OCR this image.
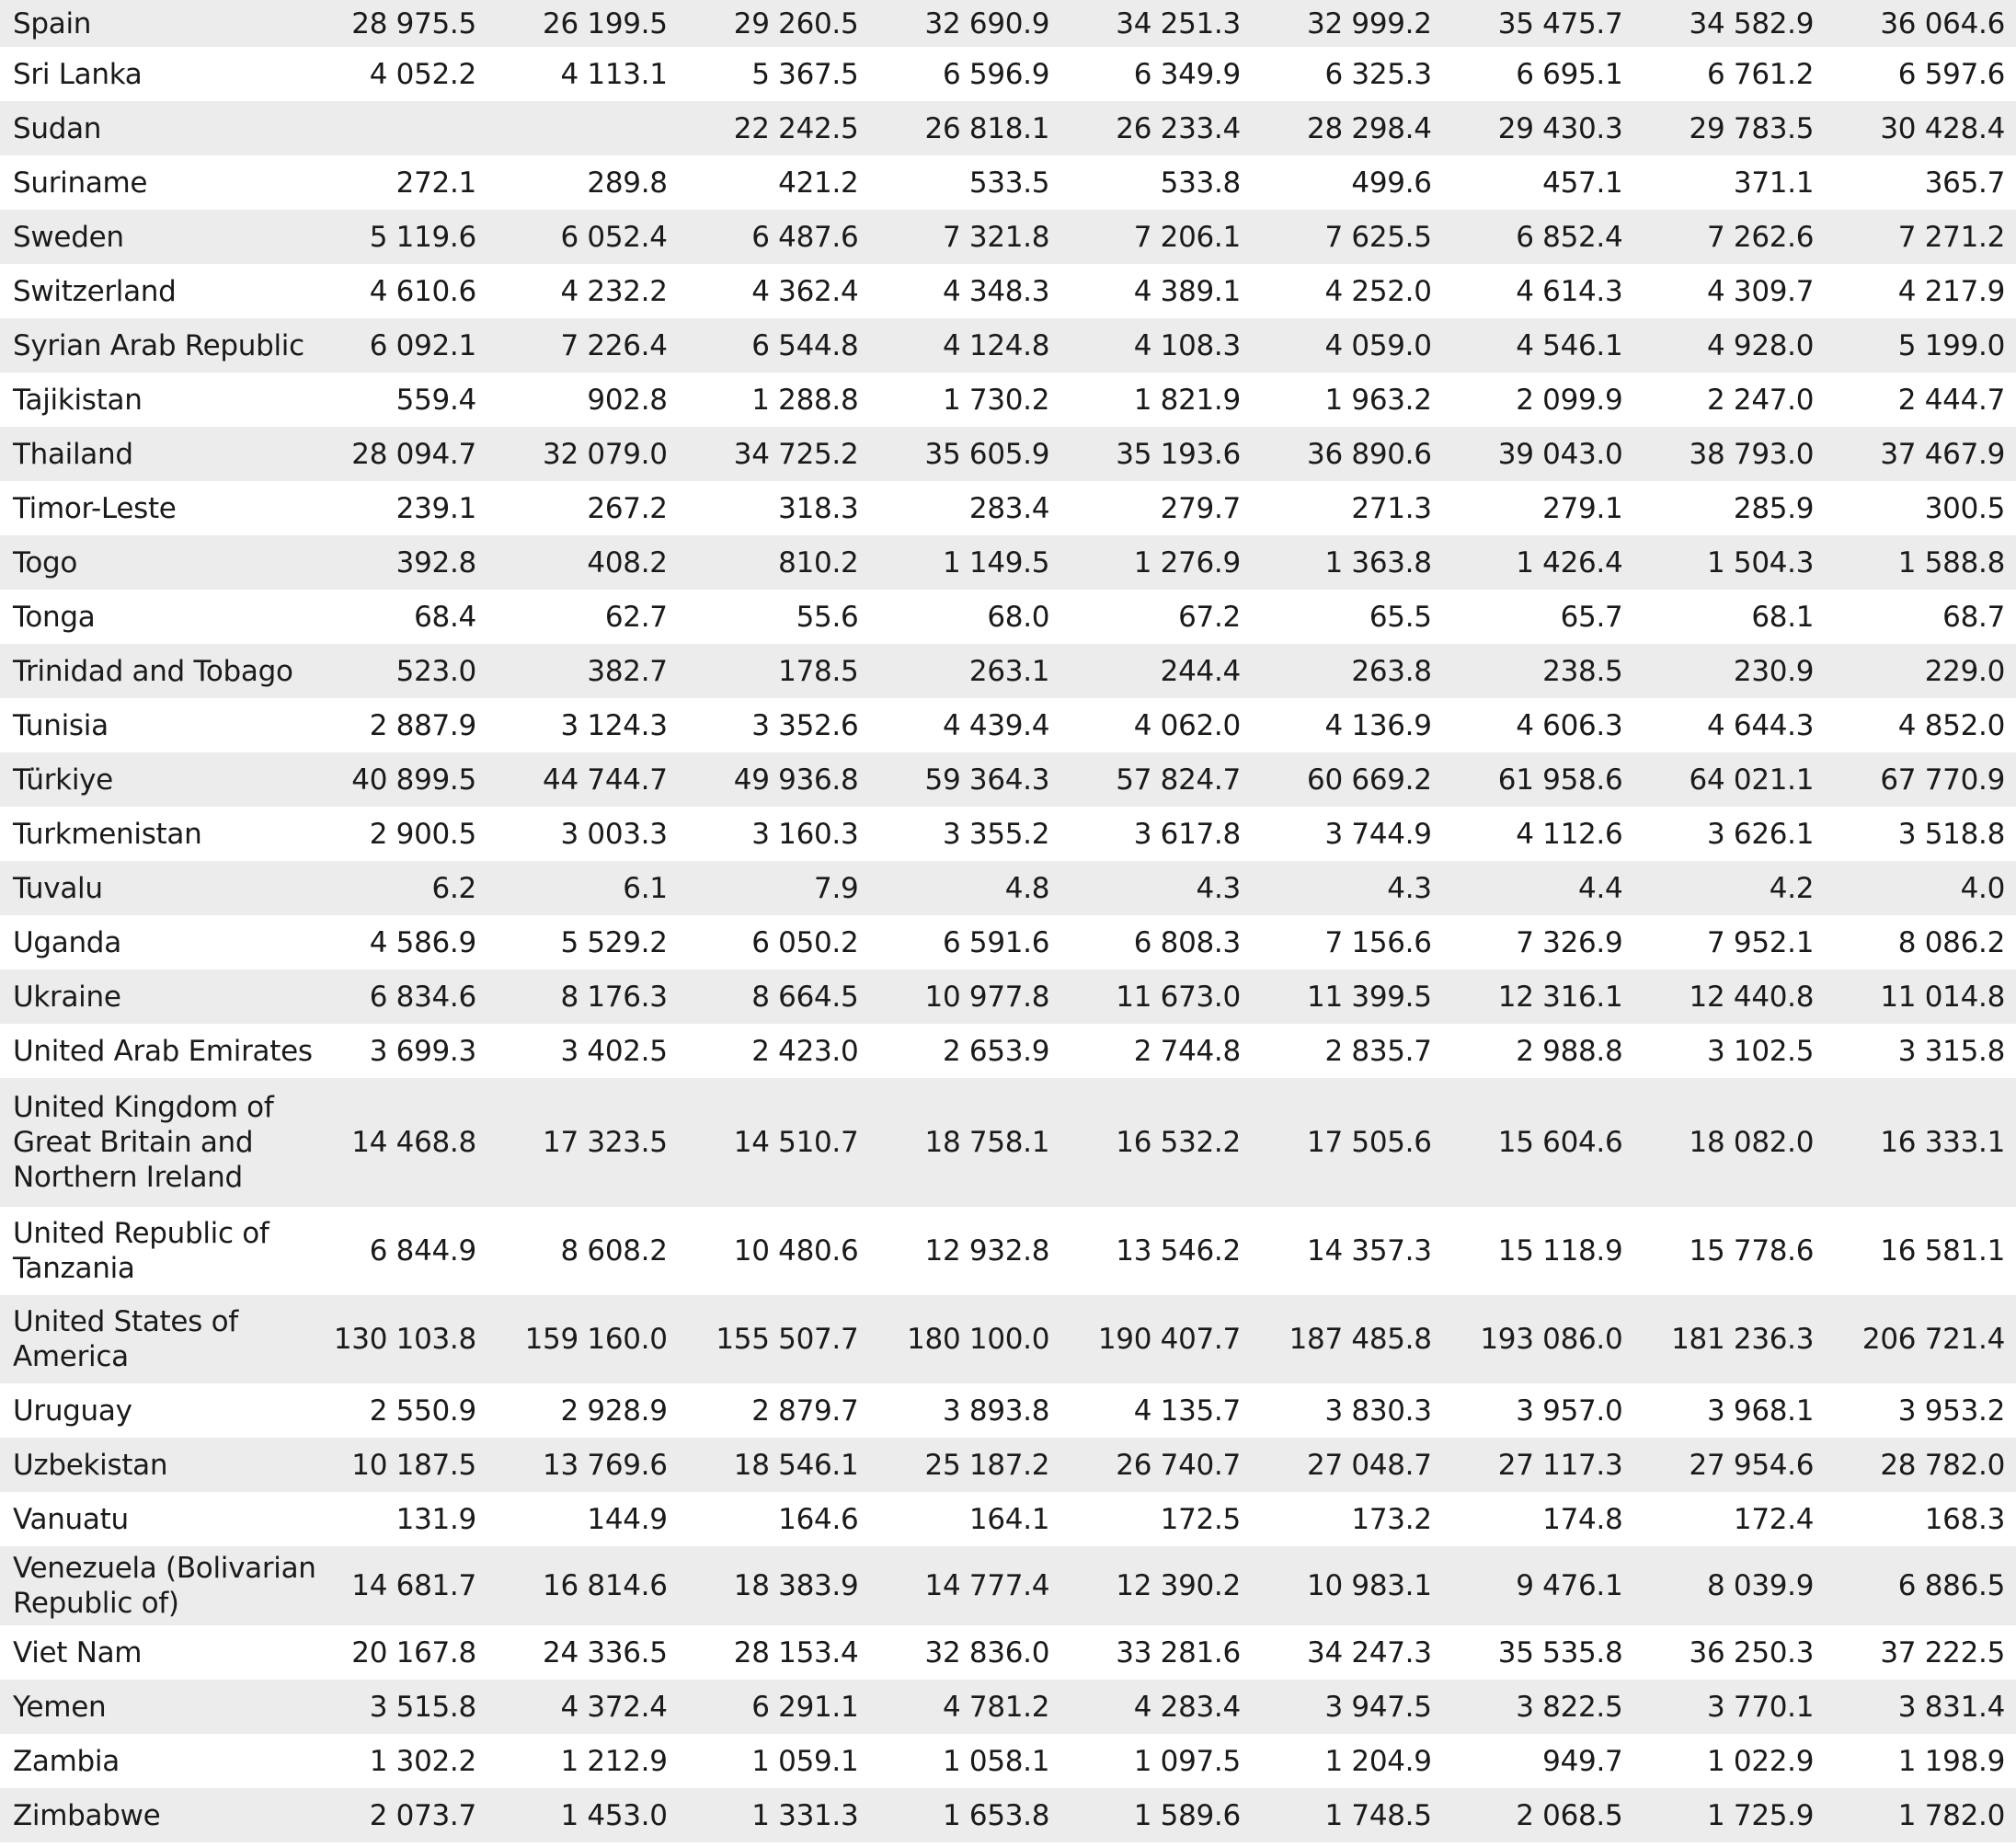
Spain	28 975.5	26 199.5	29 260.5	32 690.9	34 251.3	32 999.2	35 475.7	34 582.9	36 064.6
Sri Lanka	4 052.2	4 113.1	5 367.5	6 596.9	6 349.9	6 325.3	6 695.1	6 761.2	6 597.6
Sudan			22 242.5	26 818.1	26 233.4	28 298.4	29 430.3	29 783.5	30 428.4
Suriname	272.1	289.8	421.2	533.5	533.8	499.6	457.1	371.1	365.7
Sweden	5 119.6	6 052.4	6 487.6	7 321.8	7 206.1	7 625.5	6 852.4	7 262.6	7 271.2
Switzerland	4 610.6	4 232.2	4 362.4	4 348.3	4 389.1	4 252.0	4 614.3	4 309.7	4 217.9
Syrian Arab Republic	6 092.1	7 226.4	6 544.8	4 124.8	4 108.3	4 059.0	4 546.1	4 928.0	5 199.0
Tajikistan	559.4	902.8	1 288.8	1 730.2	1 821.9	1 963.2	2 099.9	2 247.0	2 444.7
Thailand	28 094.7	32 079.0	34 725.2	35 605.9	35 193.6	36 890.6	39 043.0	38 793.0	37 467.9
Timor-Leste	239.1	267.2	318.3	283.4	279.7	271.3	279.1	285.9	300.5
Togo	392.8	408.2	810.2	1 149.5	1 276.9	1 363.8	1 426.4	1 504.3	1 588.8
Tonga	68.4	62.7	55.6	68.0	67.2	65.5	65.7	68.1	68.7
Trinidad and Tobago	523.0	382.7	178.5	263.1	244.4	263.8	238.5	230.9	229.0
Tunisia	2 887.9	3 124.3	3 352.6	4 439.4	4 062.0	4 136.9	4 606.3	4 644.3	4 852.0
Türkiye	40 899.5	44 744.7	49 936.8	59 364.3	57 824.7	60 669.2	61 958.6	64 021.1	67 770.9
Turkmenistan	2 900.5	3 003.3	3 160.3	3 355.2	3 617.8	3 744.9	4 112.6	3 626.1	3 518.8
Tuvalu	6.2	6.1	7.9	4.8	4.3	4.3	4.4	4.2	4.0
Uganda	4 586.9	5 529.2	6 050.2	6 591.6	6 808.3	7 156.6	7 326.9	7 952.1	8 086.2
Ukraine	6 834.6	8 176.3	8 664.5	10 977.8	11 673.0	11 399.5	12 316.1	12 440.8	11 014.8
United Arab Emirates	3 699.3	3 402.5	2 423.0	2 653.9	2 744.8	2 835.7	2 988.8	3 102.5	3 315.8
United Kingdom of Great Britain and Northern Ireland	14 468.8	17 323.5	14 510.7	18 758.1	16 532.2	17 505.6	15 604.6	18 082.0	16 333.1
United Republic of Tanzania	6 844.9	8 608.2	10 480.6	12 932.8	13 546.2	14 357.3	15 118.9	15 778.6	16 581.1
United States of America	130 103.8	159 160.0	155 507.7	180 100.0	190 407.7	187 485.8	193 086.0	181 236.3	206 721.4
Uruguay	2 550.9	2 928.9	2 879.7	3 893.8	4 135.7	3 830.3	3 957.0	3 968.1	3 953.2
Uzbekistan	10 187.5	13 769.6	18 546.1	25 187.2	26 740.7	27 048.7	27 117.3	27 954.6	28 782.0
Vanuatu	131.9	144.9	164.6	164.1	172.5	173.2	174.8	172.4	168.3
Venezuela (Bolivarian Republic of)	14 681.7	16 814.6	18 383.9	14 777.4	12 390.2	10 983.1	9 476.1	8 039.9	6 886.5
Viet Nam	20 167.8	24 336.5	28 153.4	32 836.0	33 281.6	34 247.3	35 535.8	36 250.3	37 222.5
Yemen	3 515.8	4 372.4	6 291.1	4 781.2	4 283.4	3 947.5	3 822.5	3 770.1	3 831.4
Zambia	1 302.2	1 212.9	1 059.1	1 058.1	1 097.5	1 204.9	949.7	1 022.9	1 198.9
Zimbabwe	2 073.7	1 453.0	1 331.3	1 653.8	1 589.6	1 748.5	2 068.5	1 725.9	1 782.0
